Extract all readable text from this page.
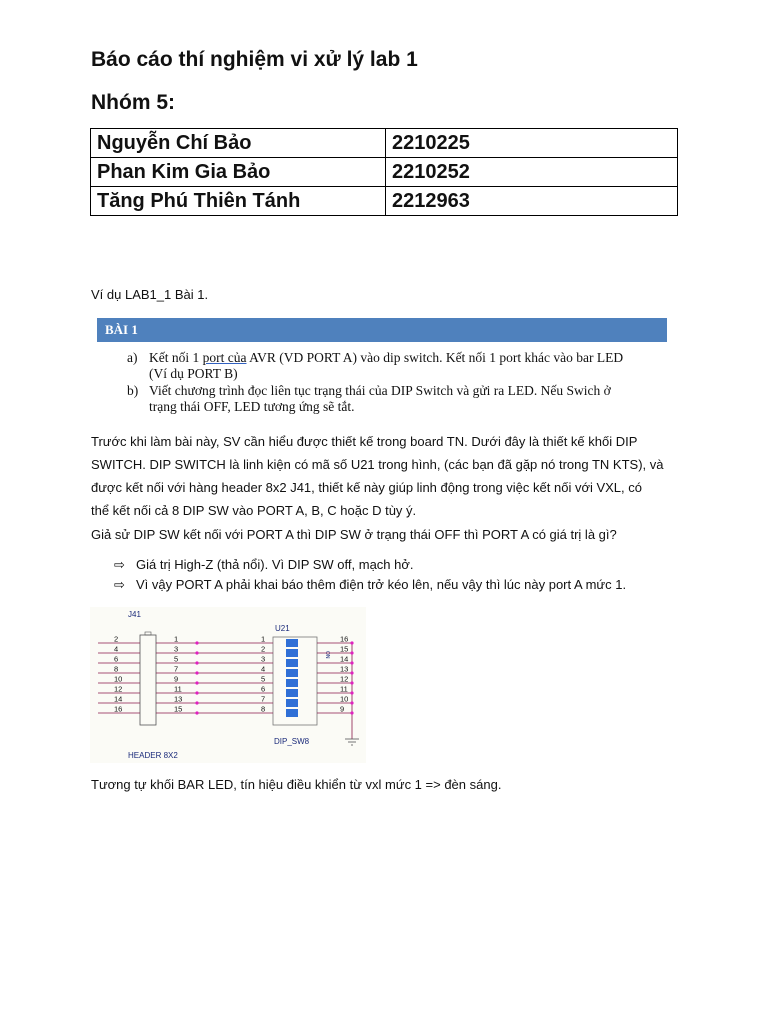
Báo cáo thí nghiệm vi xử lý lab 1
Nhóm 5:
Nguyễn Chí Bảo	2210225
Phan Kim Gia Bảo	2210252
Tăng Phú Thiên Tánh	2212963
Ví dụ LAB1_1 Bài 1.
BÀI 1
a) Kết nối 1 port của AVR (VD PORT A) vào dip switch. Kết nối 1 port khác vào bar LED
(Ví dụ PORT B)
b) Viết chương trình đọc liên tục trạng thái của DIP Switch và gửi ra LED. Nếu Swich ở
trạng thái OFF, LED tương ứng sẽ tắt.
Trước khi làm bài này, SV cần hiểu được thiết kế trong board TN. Dưới đây là thiết kế khối DIP
SWITCH. DIP SWITCH là linh kiện có mã số U21 trong hình, (các bạn đã gặp nó trong TN KTS), và
được kết nối với hàng header 8x2 J41, thiết kế này giúp linh động trong việc kết nối với VXL, có
thể kết nối cả 8 DIP SW vào PORT A, B, C hoặc D tùy ý.
Giả sử DIP SW kết nối với PORT A thì DIP SW ở trạng thái OFF thì PORT A có giá trị là gì?
⇨ Giá trị High-Z (thả nổi). Vì DIP SW off, mạch hở.
⇨ Vì vậy PORT A phải khai báo thêm điện trở kéo lên, nếu vậy thì lúc này port A mức 1.
J41
U21
HEADER 8X2
DIP_SW8
ON
2	1	1
1
16
4	3	2
2
15
6	5	3
3
14
8	7	4
4
13
10	9	5
5
12
12	11	6
6
11
14	13	7
7
10
16	15	8
8
9
Tương tự khối BAR LED, tín hiệu điều khiển từ vxl mức 1 => đèn sáng.
